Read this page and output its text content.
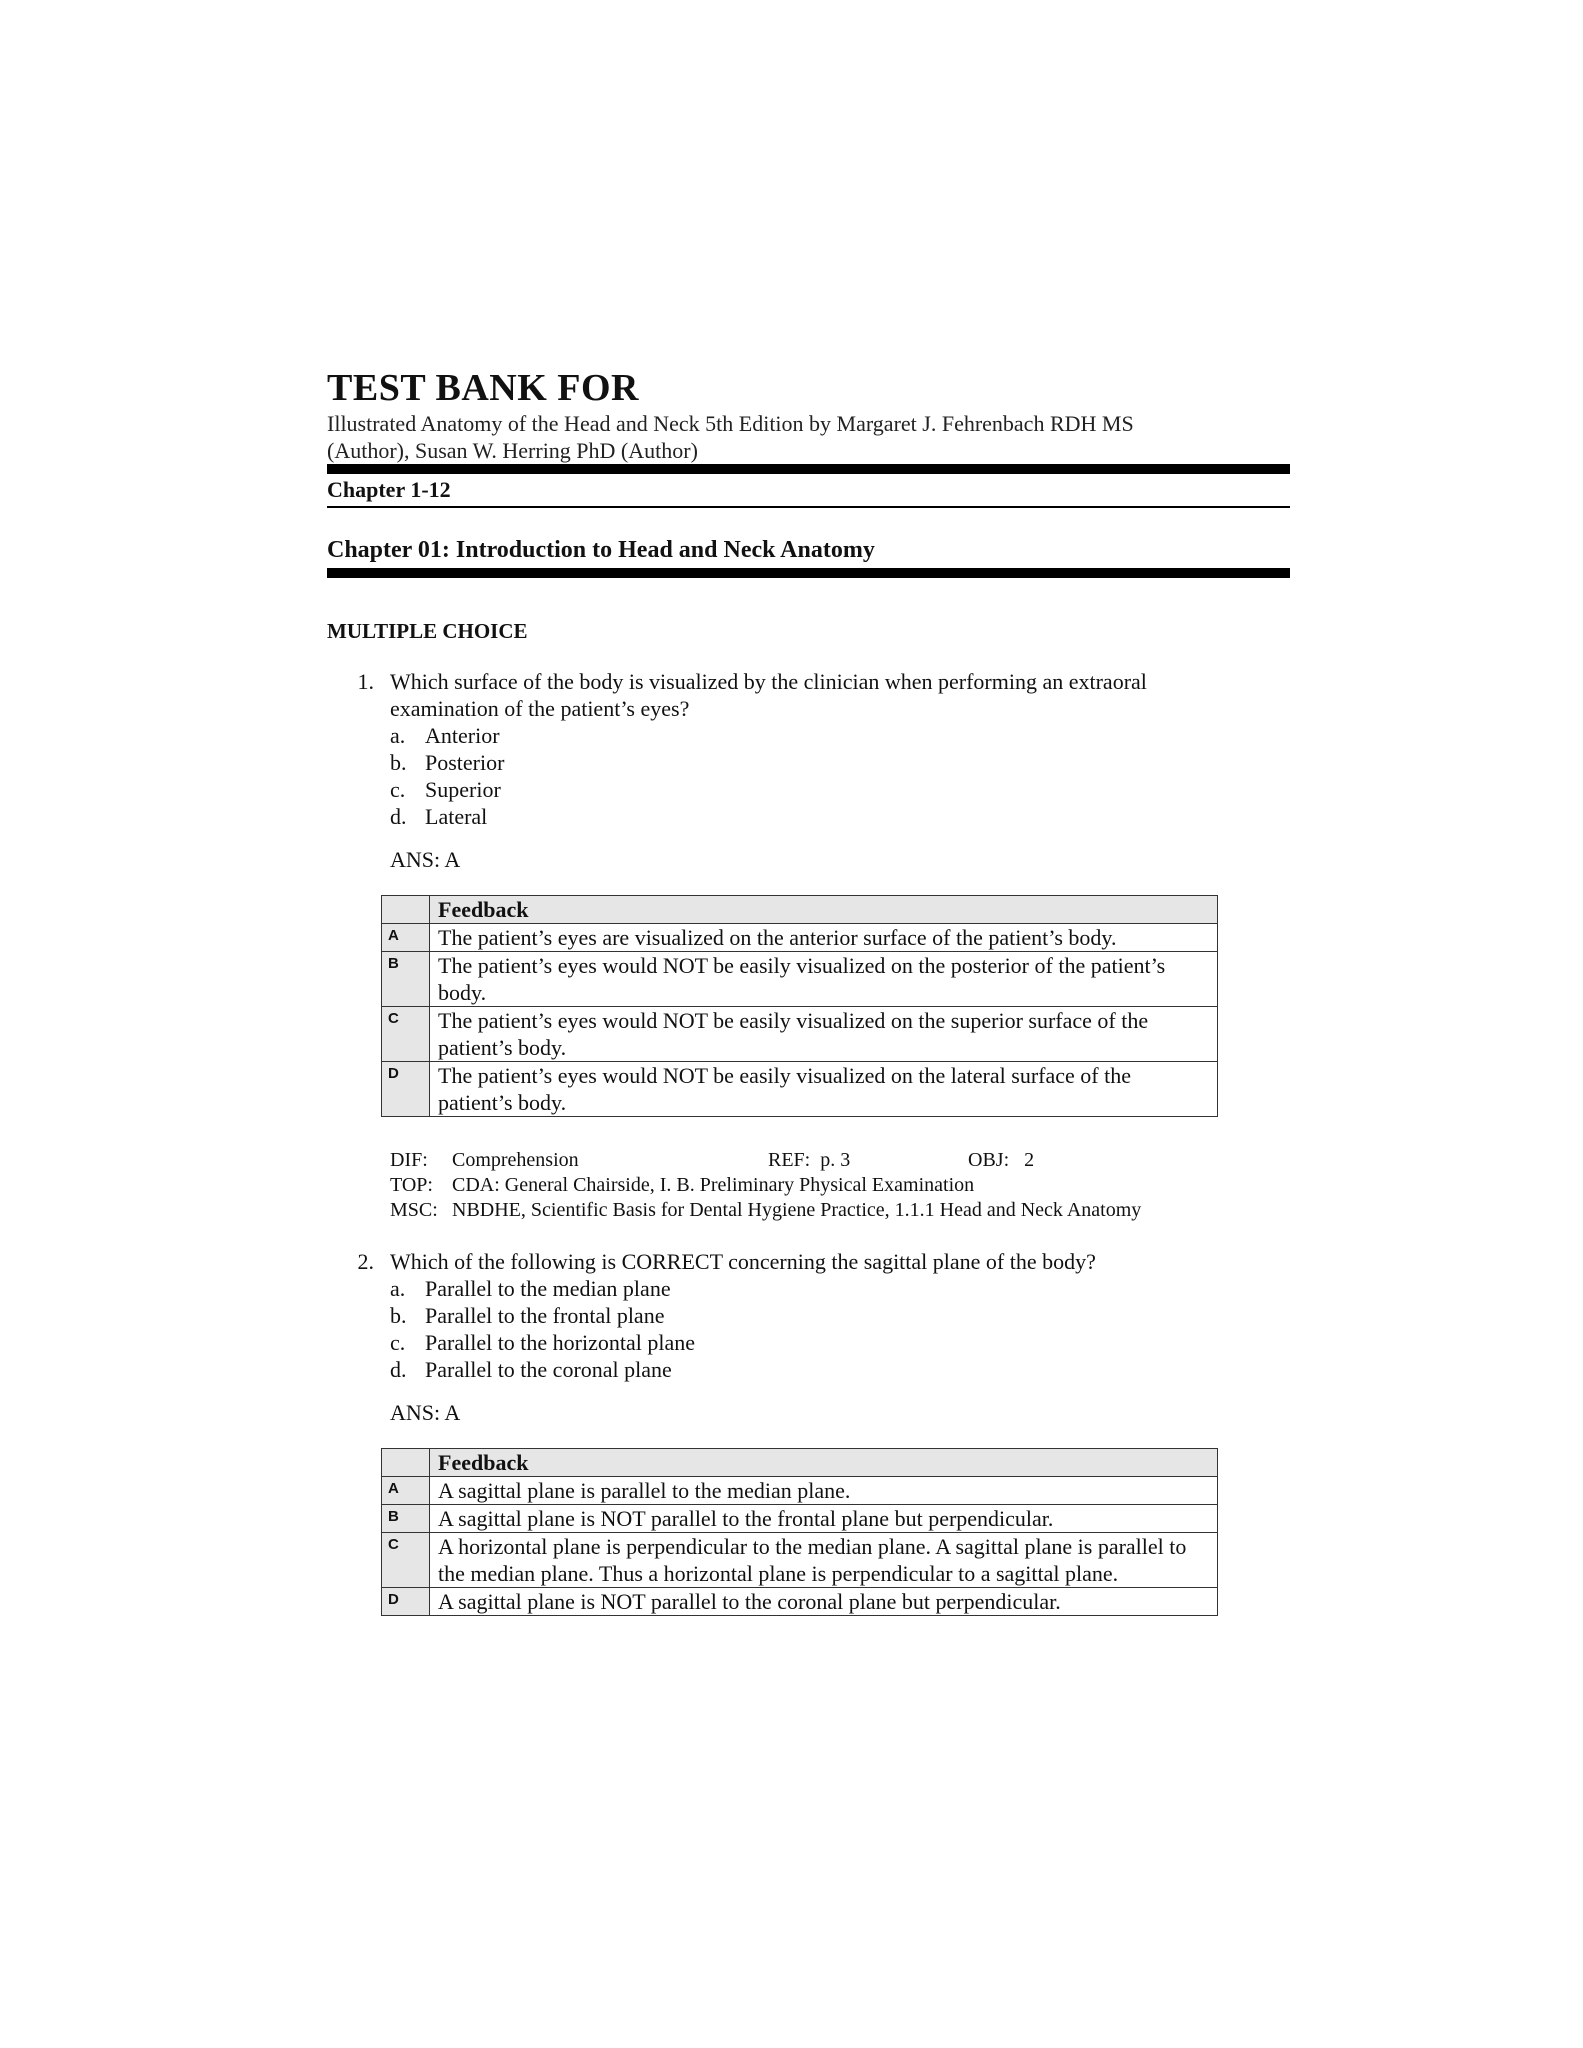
TEST BANK FOR
Illustrated Anatomy of the Head and Neck 5th Edition by Margaret J. Fehrenbach RDH MS
(Author), Susan W. Herring PhD (Author)
Chapter 1-12
Chapter 01: Introduction to Head and Neck Anatomy
MULTIPLE CHOICE
1. Which surface of the body is visualized by the clinician when performing an extraoral examination of the patient’s eyes?
a. Anterior
b. Posterior
c. Superior
d. Lateral
ANS: A
	Feedback
A	The patient’s eyes are visualized on the anterior surface of the patient’s body.
B	The patient’s eyes would NOT be easily visualized on the posterior of the patient’s body.
C	The patient’s eyes would NOT be easily visualized on the superior surface of the patient’s body.
D	The patient’s eyes would NOT be easily visualized on the lateral surface of the patient’s body.
DIF: Comprehension	REF: p. 3	OBJ: 2
TOP: CDA: General Chairside, I. B. Preliminary Physical Examination
MSC: NBDHE, Scientific Basis for Dental Hygiene Practice, 1.1.1 Head and Neck Anatomy
2. Which of the following is CORRECT concerning the sagittal plane of the body?
a. Parallel to the median plane
b. Parallel to the frontal plane
c. Parallel to the horizontal plane
d. Parallel to the coronal plane
ANS: A
	Feedback
A	A sagittal plane is parallel to the median plane.
B	A sagittal plane is NOT parallel to the frontal plane but perpendicular.
C	A horizontal plane is perpendicular to the median plane. A sagittal plane is parallel to the median plane. Thus a horizontal plane is perpendicular to a sagittal plane.
D	A sagittal plane is NOT parallel to the coronal plane but perpendicular.
